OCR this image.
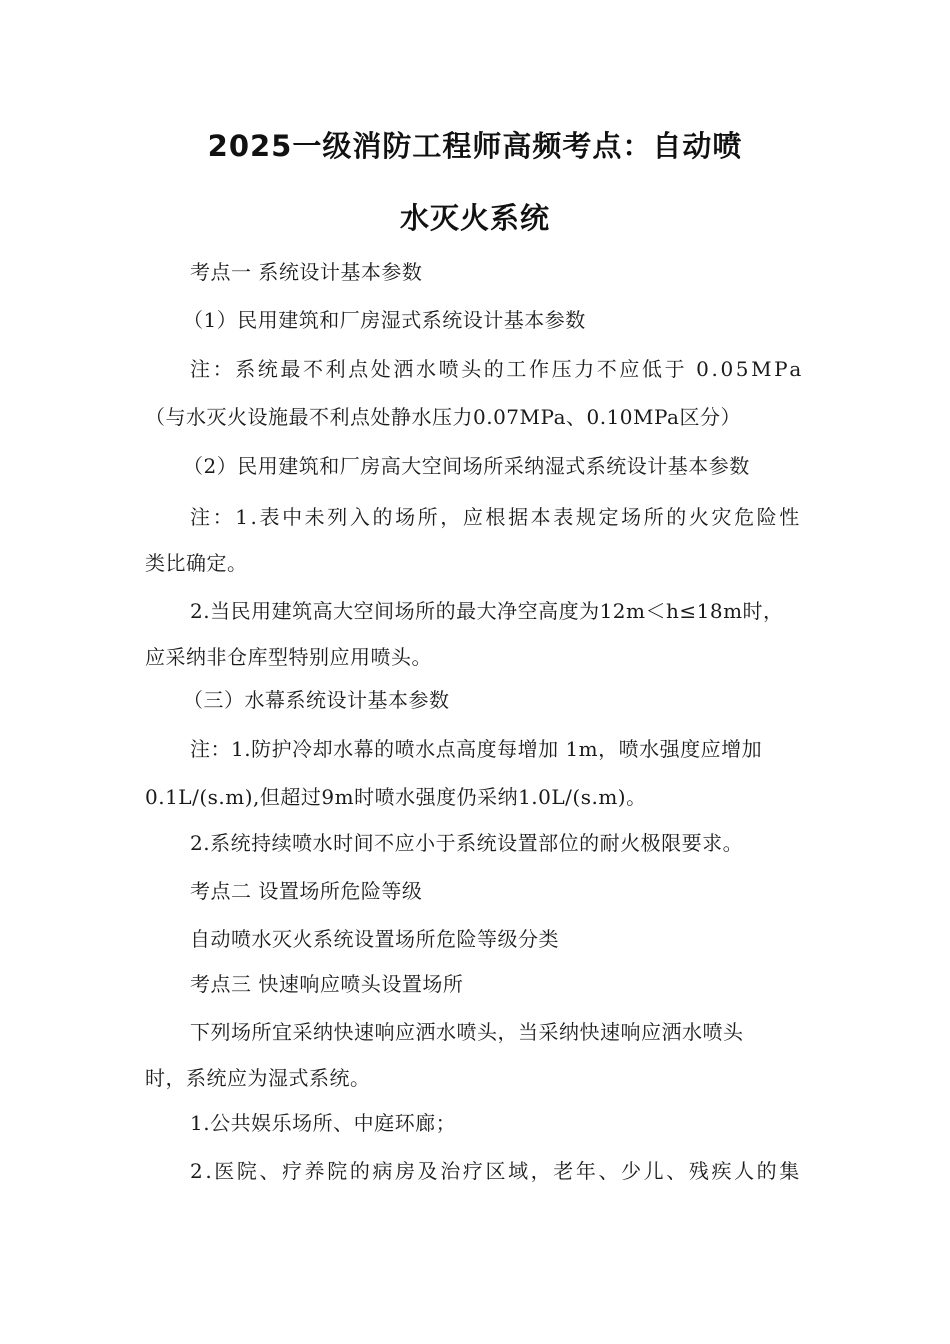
2025一级消防工程师高频考点：自动喷
水灭火系统
考点一 系统设计基本参数
（1）民用建筑和厂房湿式系统设计基本参数
注：系统最不利点处洒水喷头的工作压力不应低于 0.05MPa
（与水灭火设施最不利点处静水压力0.07MPa、0.10MPa区分）
（2）民用建筑和厂房高大空间场所采纳湿式系统设计基本参数
注：1.表中未列入的场所，应根据本表规定场所的火灾危险性
类比确定。
2.当民用建筑高大空间场所的最大净空高度为12m＜h≤18m时，
应采纳非仓库型特别应用喷头。
（三）水幕系统设计基本参数
注：1.防护冷却水幕的喷水点高度每增加 1m，喷水强度应增加
0.1L/(s.m),但超过9m时喷水强度仍采纳1.0L/(s.m)。
2.系统持续喷水时间不应小于系统设置部位的耐火极限要求。
考点二 设置场所危险等级
自动喷水灭火系统设置场所危险等级分类
考点三 快速响应喷头设置场所
下列场所宜采纳快速响应洒水喷头，当采纳快速响应洒水喷头
时，系统应为湿式系统。
1.公共娱乐场所、中庭环廊；
2.医院、疗养院的病房及治疗区域，老年、少儿、残疾人的集
